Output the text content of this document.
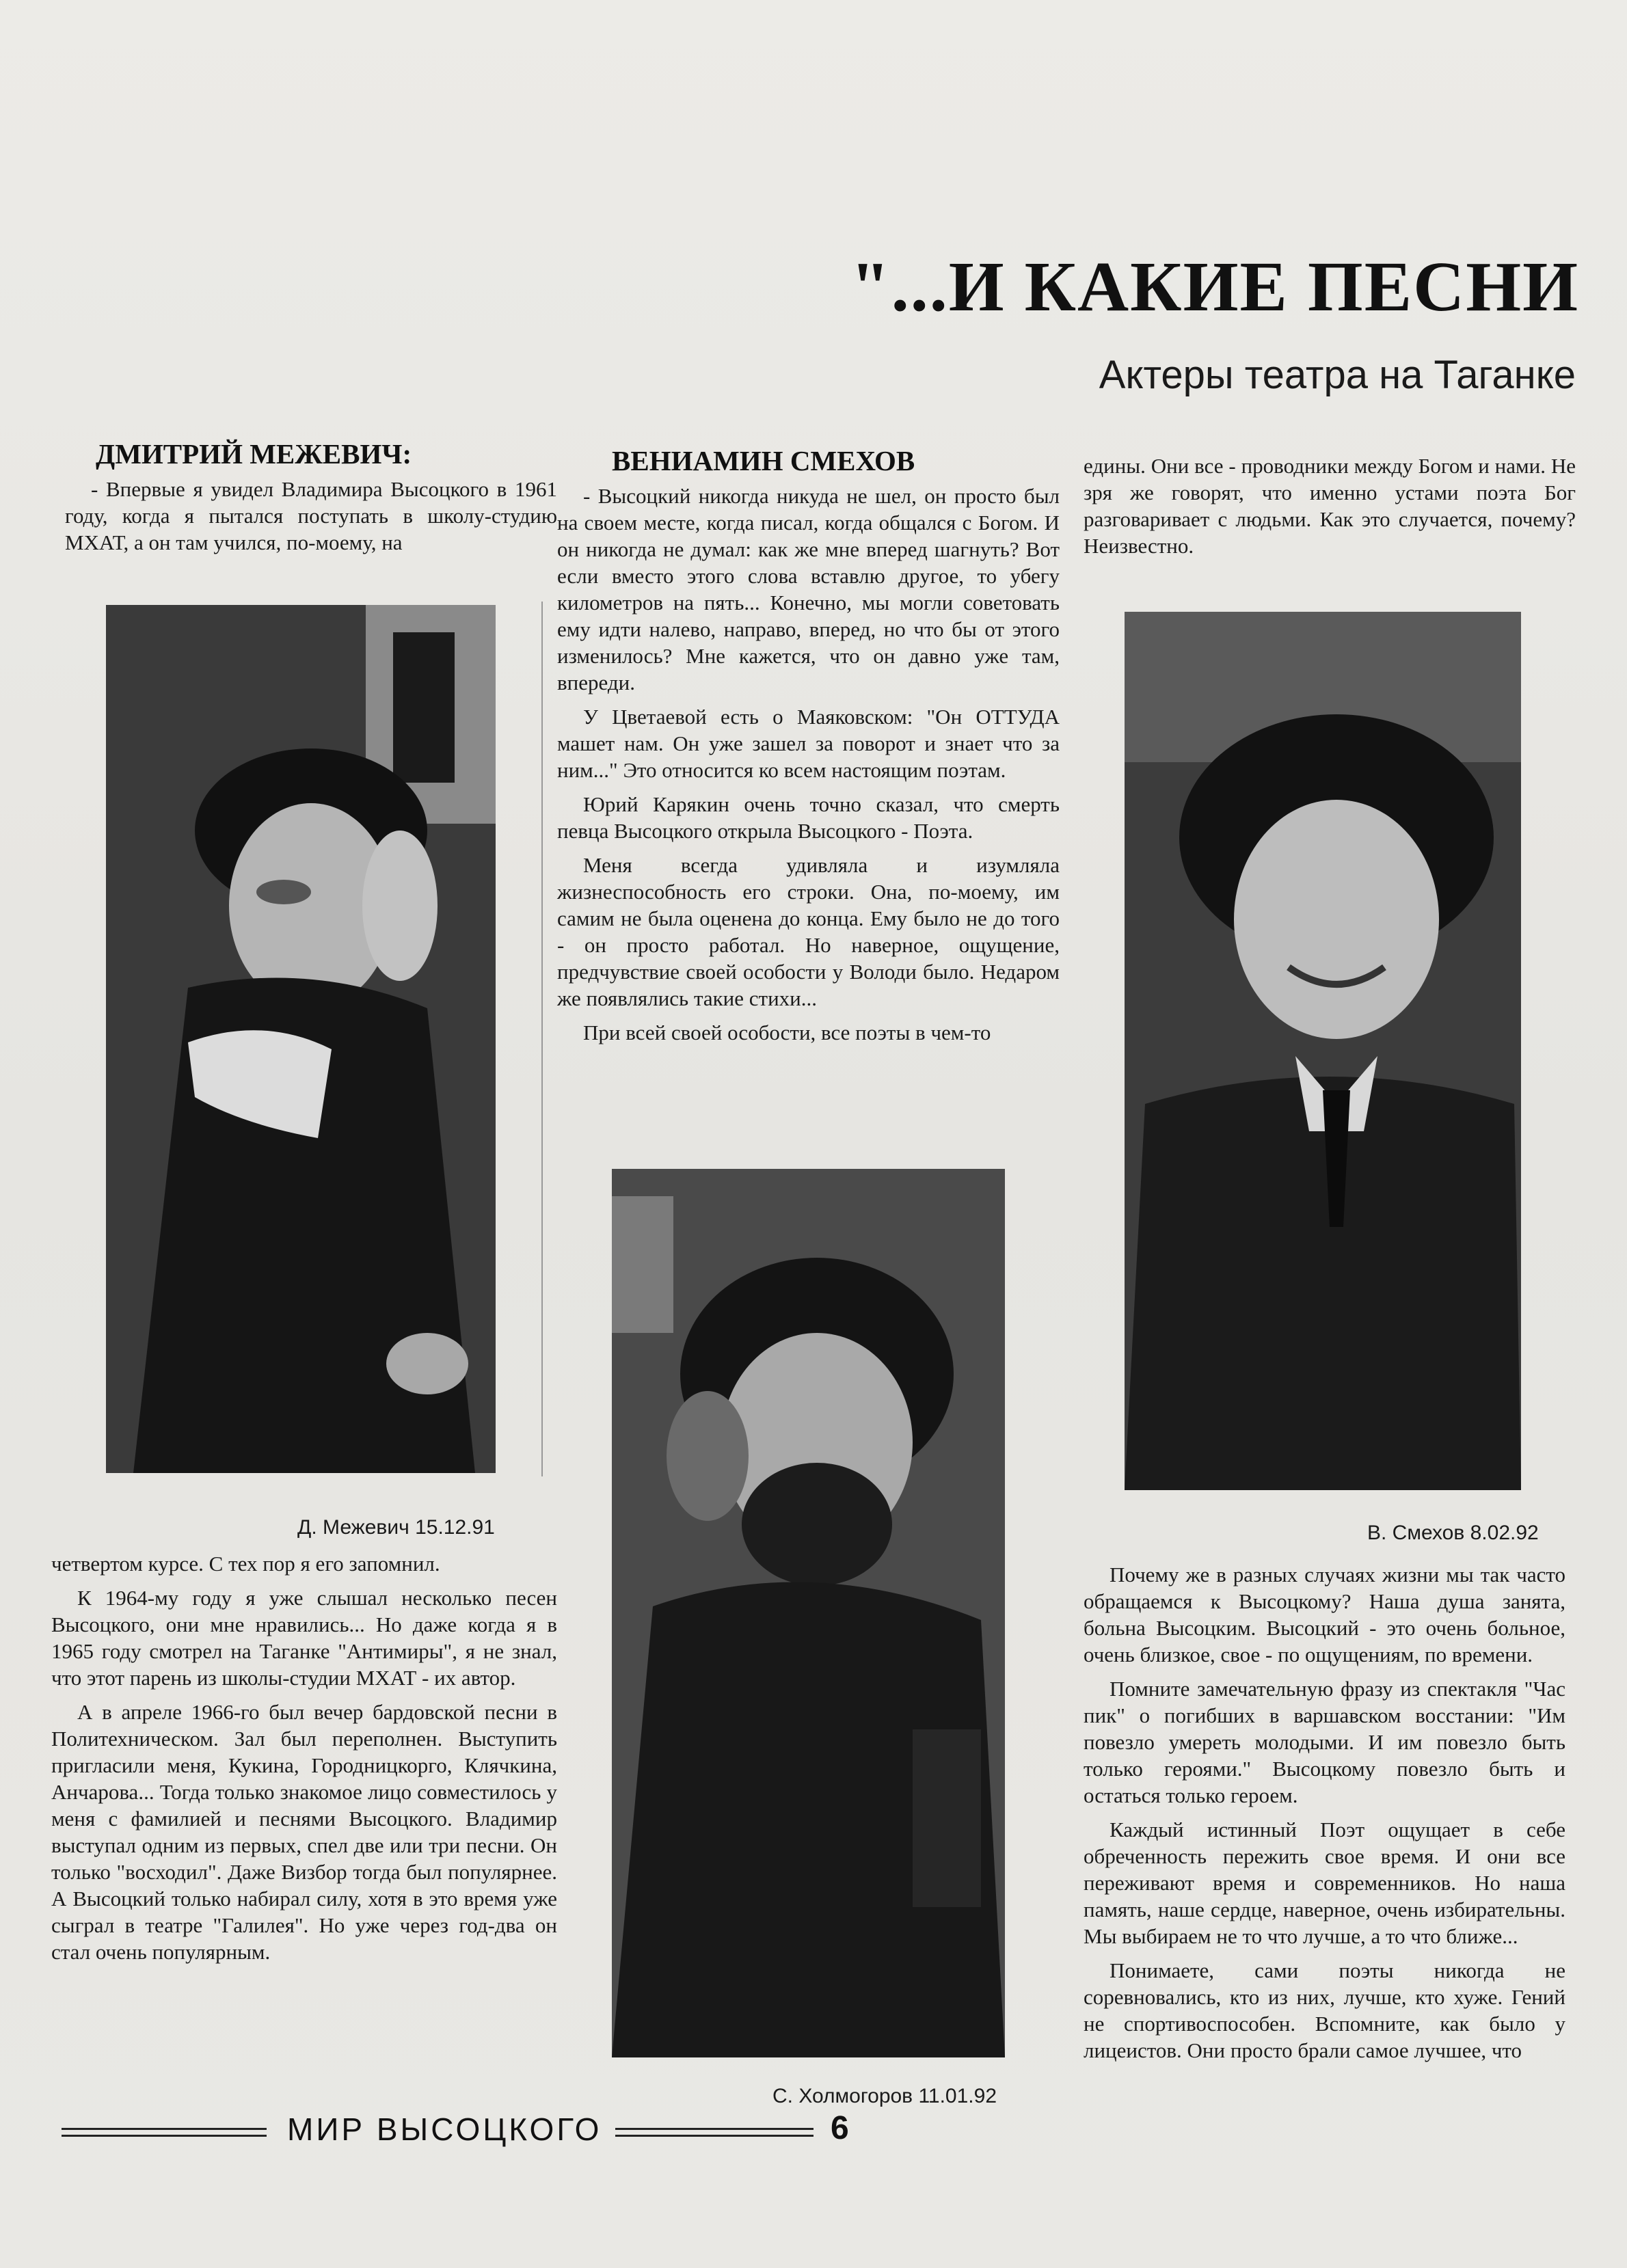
"...И КАКИЕ ПЕСНИ
Актеры театра на Таганке
ДМИТРИЙ МЕЖЕВИЧ:

- Впервые я увидел Владимира Высоцкого в 1961 году, когда я пытался поступать в школу-студию МХАТ, а он там учился, по-моему, на

Д. Межевич 15.12.91

четвертом курсе. С тех пор я его запомнил.

К 1964-му году я уже слышал несколько песен Высоцкого, они мне нравились... Но даже когда я в 1965 году смотрел на Таганке "Антимиры", я не знал, что этот парень из школы-студии МХАТ - их автор.

А в апреле 1966-го был вечер бардовской песни в Политехническом. Зал был переполнен. Выступить пригласили меня, Кукина, Городницкорго, Клячкина, Анчарова... Тогда только знакомое лицо совместилось у меня с фамилией и песнями Высоцкого. Владимир выступал одним из первых, спел две или три песни. Он только "восходил". Даже Визбор тогда был популярнее. А Высоцкий только набирал силу, хотя в это время уже сыграл в театре "Галилея". Но уже через год-два он стал очень популярным.

ВЕНИАМИН СМЕХОВ

- Высоцкий никогда никуда не шел, он просто был на своем месте, когда писал, когда общался с Богом. И он никогда не думал: как же мне вперед шагнуть? Вот если вместо этого слова вставлю другое, то убегу километров на пять... Конечно, мы могли советовать ему идти налево, направо, вперед, но что бы от этого изменилось? Мне кажется, что он давно уже там, впереди.

У Цветаевой есть о Маяковском: "Он ОТТУДА машет нам. Он уже зашел за поворот и знает что за ним..." Это относится ко всем настоящим поэтам.

Юрий Карякин очень точно сказал, что смерть певца Высоцкого открыла Высоцкого - Поэта.

Меня всегда удивляла и изумляла жизнеспособность его строки. Она, по-моему, им самим не была оценена до конца. Ему было не до того - он просто работал. Но наверное, ощущение, предчувствие своей особости у Володи было. Недаром же появлялись такие стихи...

При всей своей особости, все поэты в чем-то

С. Холмогоров 11.01.92

едины. Они все - проводники между Богом и нами. Не зря же говорят, что именно устами поэта Бог разговаривает с людьми. Как это случается, почему? Неизвестно.

В. Смехов 8.02.92

Почему же в разных случаях жизни мы так часто обращаемся к Высоцкому? Наша душа занята, больна Высоцким. Высоцкий - это очень больное, очень близкое, свое - по ощущениям, по времени.

Помните замечательную фразу из спектакля "Час пик" о погибших в варшавском восстании: "Им повезло умереть молодыми. И им повезло быть только героями." Высоцкому повезло быть и остаться только героем.

Каждый истинный Поэт ощущает в себе обреченность пережить свое время. И они все переживают время и современников. Но наша память, наше сердце, наверное, очень избирательны. Мы выбираем не то что лучше, а то что ближе...

Понимаете, сами поэты никогда не соревновались, кто из них, лучше, кто хуже. Гений не спортивоспособен. Вспомните, как было у лицеистов. Они просто брали самое лучшее, что

МИР ВЫСОЦКОГО	6
